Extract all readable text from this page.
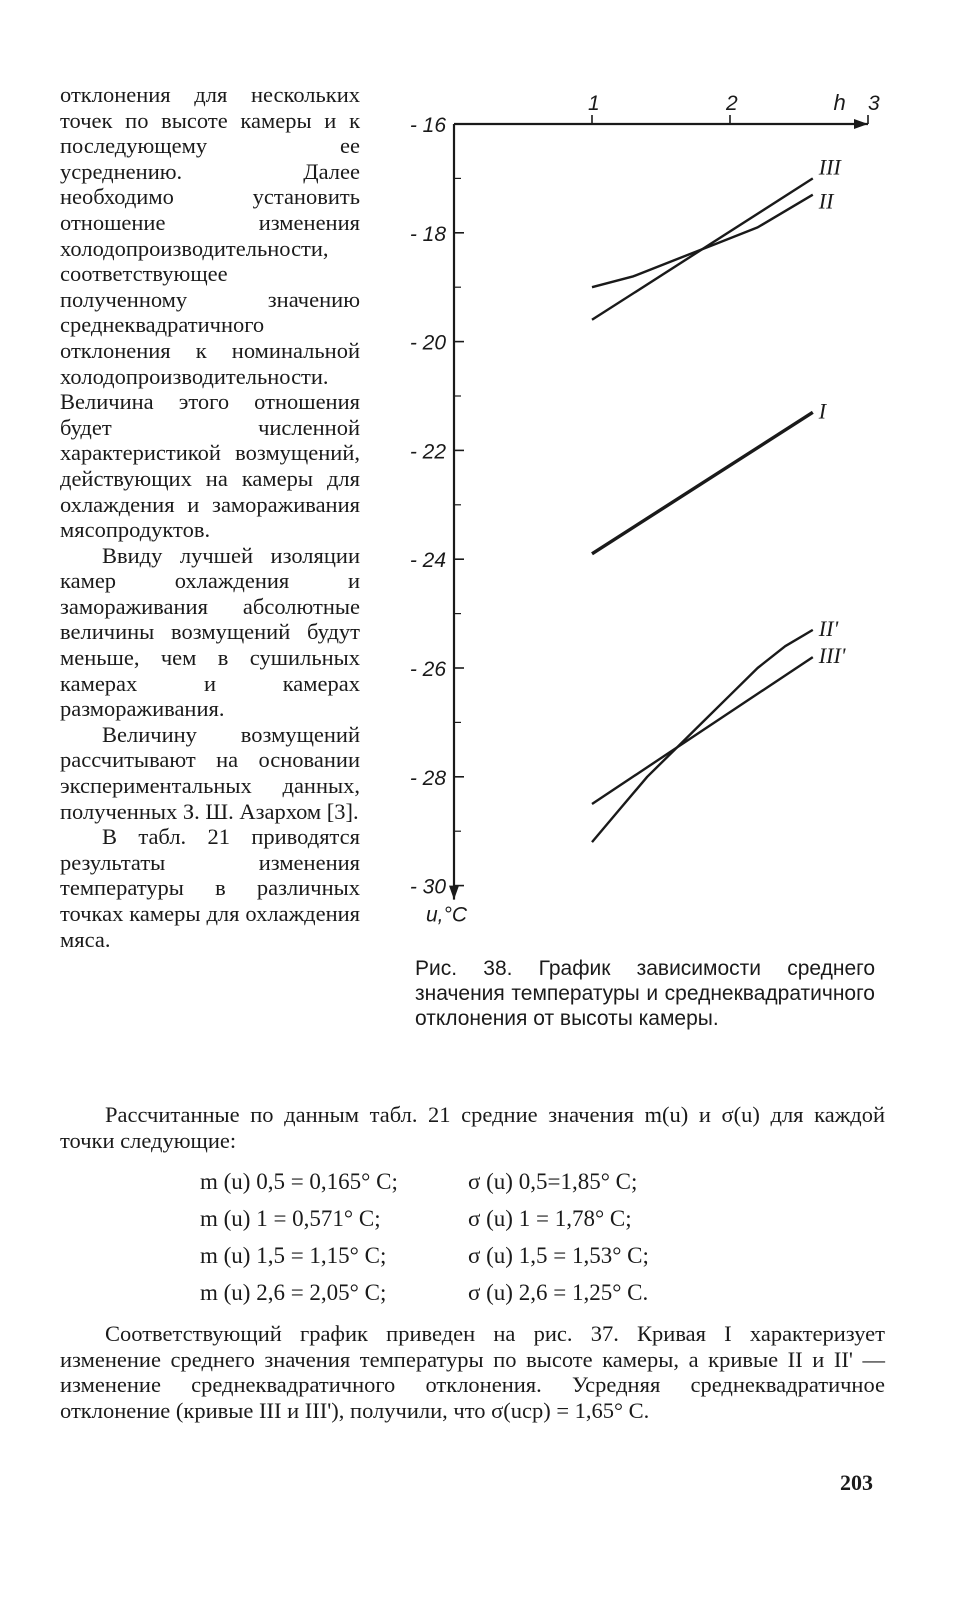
отклонения для нескольких точек по высоте камеры и к последующему ее усреднению. Далее необходимо установить отношение изменения холодопроизводительности, соответствующее полученному значению среднеквадратичного отклонения к номинальной холодопроизводительности. Величина этого отношения будет численной характеристикой возмущений, действующих на камеры для охлаждения и замораживания мясопродуктов.

Ввиду лучшей изоляции камер охлаждения и замораживания абсолютные величины возмущений будут меньше, чем в сушильных камерах и камерах размораживания.

Величину возмущений рассчитывают на основании экспериментальных данных, полученных З. Ш. Азархом [3].

В табл. 21 приводятся результаты изменения температуры в различных точках камеры для охлаждения мяса.

1	2	3
h
- 16
- 18
- 20
- 22
- 24
- 26
- 28
- 30
u,°C
I
II
III
II'
III'
Рис. 38. График зависимости среднего значения температуры и среднеквадратичного отклонения от высоты камеры.

Рассчитанные по данным табл. 21 средние значения m(u) и σ(u) для каждой точки следующие:

m (u) 0,5 = 0,165° C;	σ (u) 0,5=1,85° C;
m (u) 1 = 0,571° C;	σ (u) 1 = 1,78° C;
m (u) 1,5 = 1,15° C;	σ (u) 1,5 = 1,53° C;
m (u) 2,6 = 2,05° C;	σ (u) 2,6 = 1,25° C.

Соответствующий график приведен на рис. 37. Кривая I характеризует изменение среднего значения температуры по высоте камеры, а кривые II и II' — изменение среднеквадратичного отклонения. Усредняя среднеквадратичное отклонение (кривые III и III'), получили, что σ(uср) = 1,65° C.

203
